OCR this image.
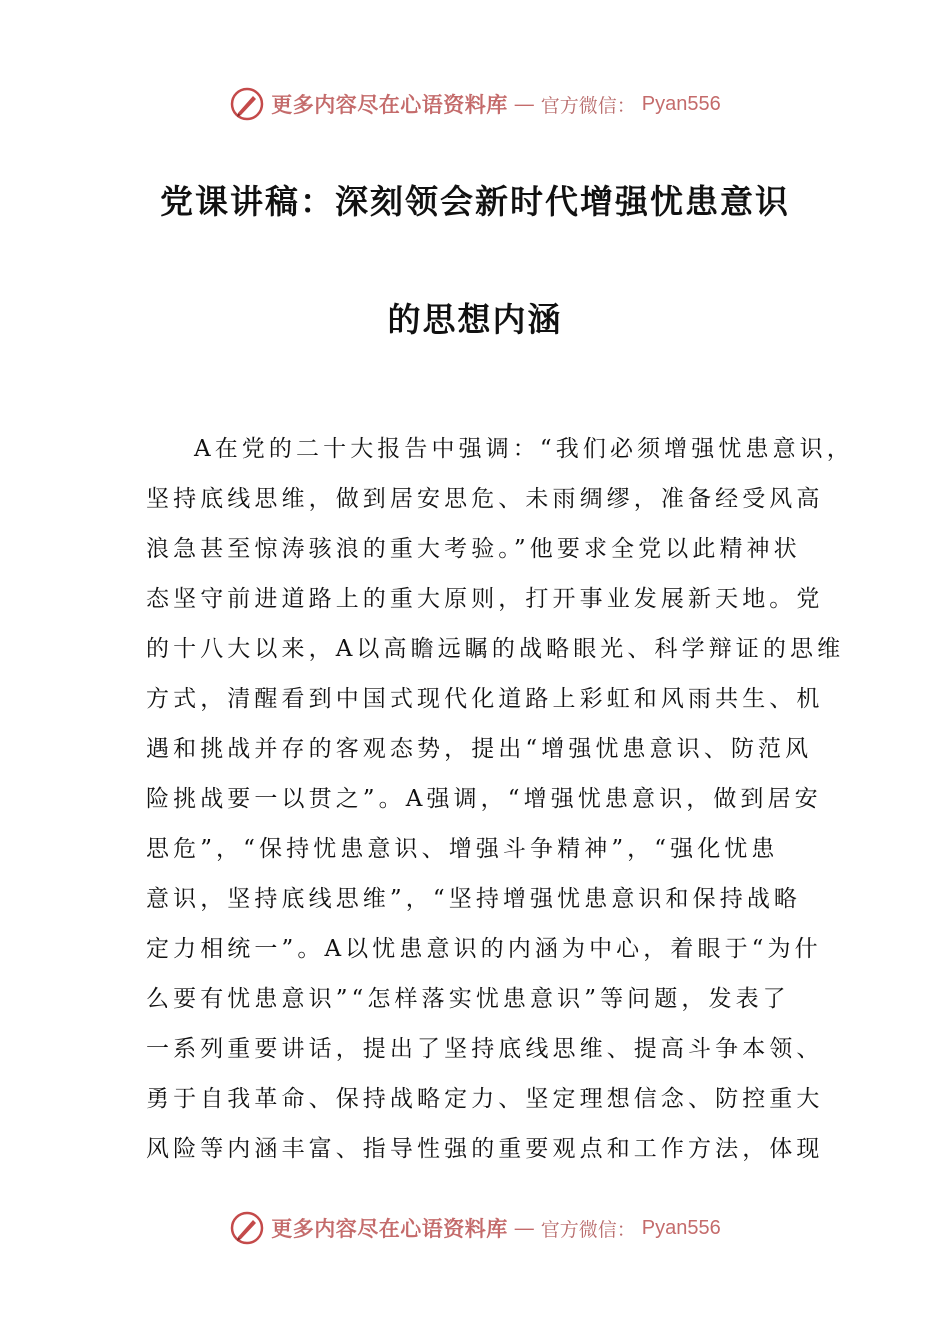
更多内容尽在心语资料库 — 官方微信： Pyan556
党课讲稿：深刻领会新时代增强忧患意识
的思想内涵
A在党的二十大报告中强调：“我们必须增强忧患意识，
坚持底线思维，做到居安思危、未雨绸缪，准备经受风高
浪急甚至惊涛骇浪的重大考验。”他要求全党以此精神状
态坚守前进道路上的重大原则，打开事业发展新天地。党
的十八大以来，A以高瞻远瞩的战略眼光、科学辩证的思维
方式，清醒看到中国式现代化道路上彩虹和风雨共生、机
遇和挑战并存的客观态势，提出“增强忧患意识、防范风
险挑战要一以贯之”。A强调，“增强忧患意识，做到居安
思危”，“保持忧患意识、增强斗争精神”，“强化忧患
意识，坚持底线思维”，“坚持增强忧患意识和保持战略
定力相统一”。A以忧患意识的内涵为中心，着眼于“为什
么要有忧患意识”“怎样落实忧患意识”等问题，发表了
一系列重要讲话，提出了坚持底线思维、提高斗争本领、
勇于自我革命、保持战略定力、坚定理想信念、防控重大
风险等内涵丰富、指导性强的重要观点和工作方法，体现
更多内容尽在心语资料库 — 官方微信： Pyan556
